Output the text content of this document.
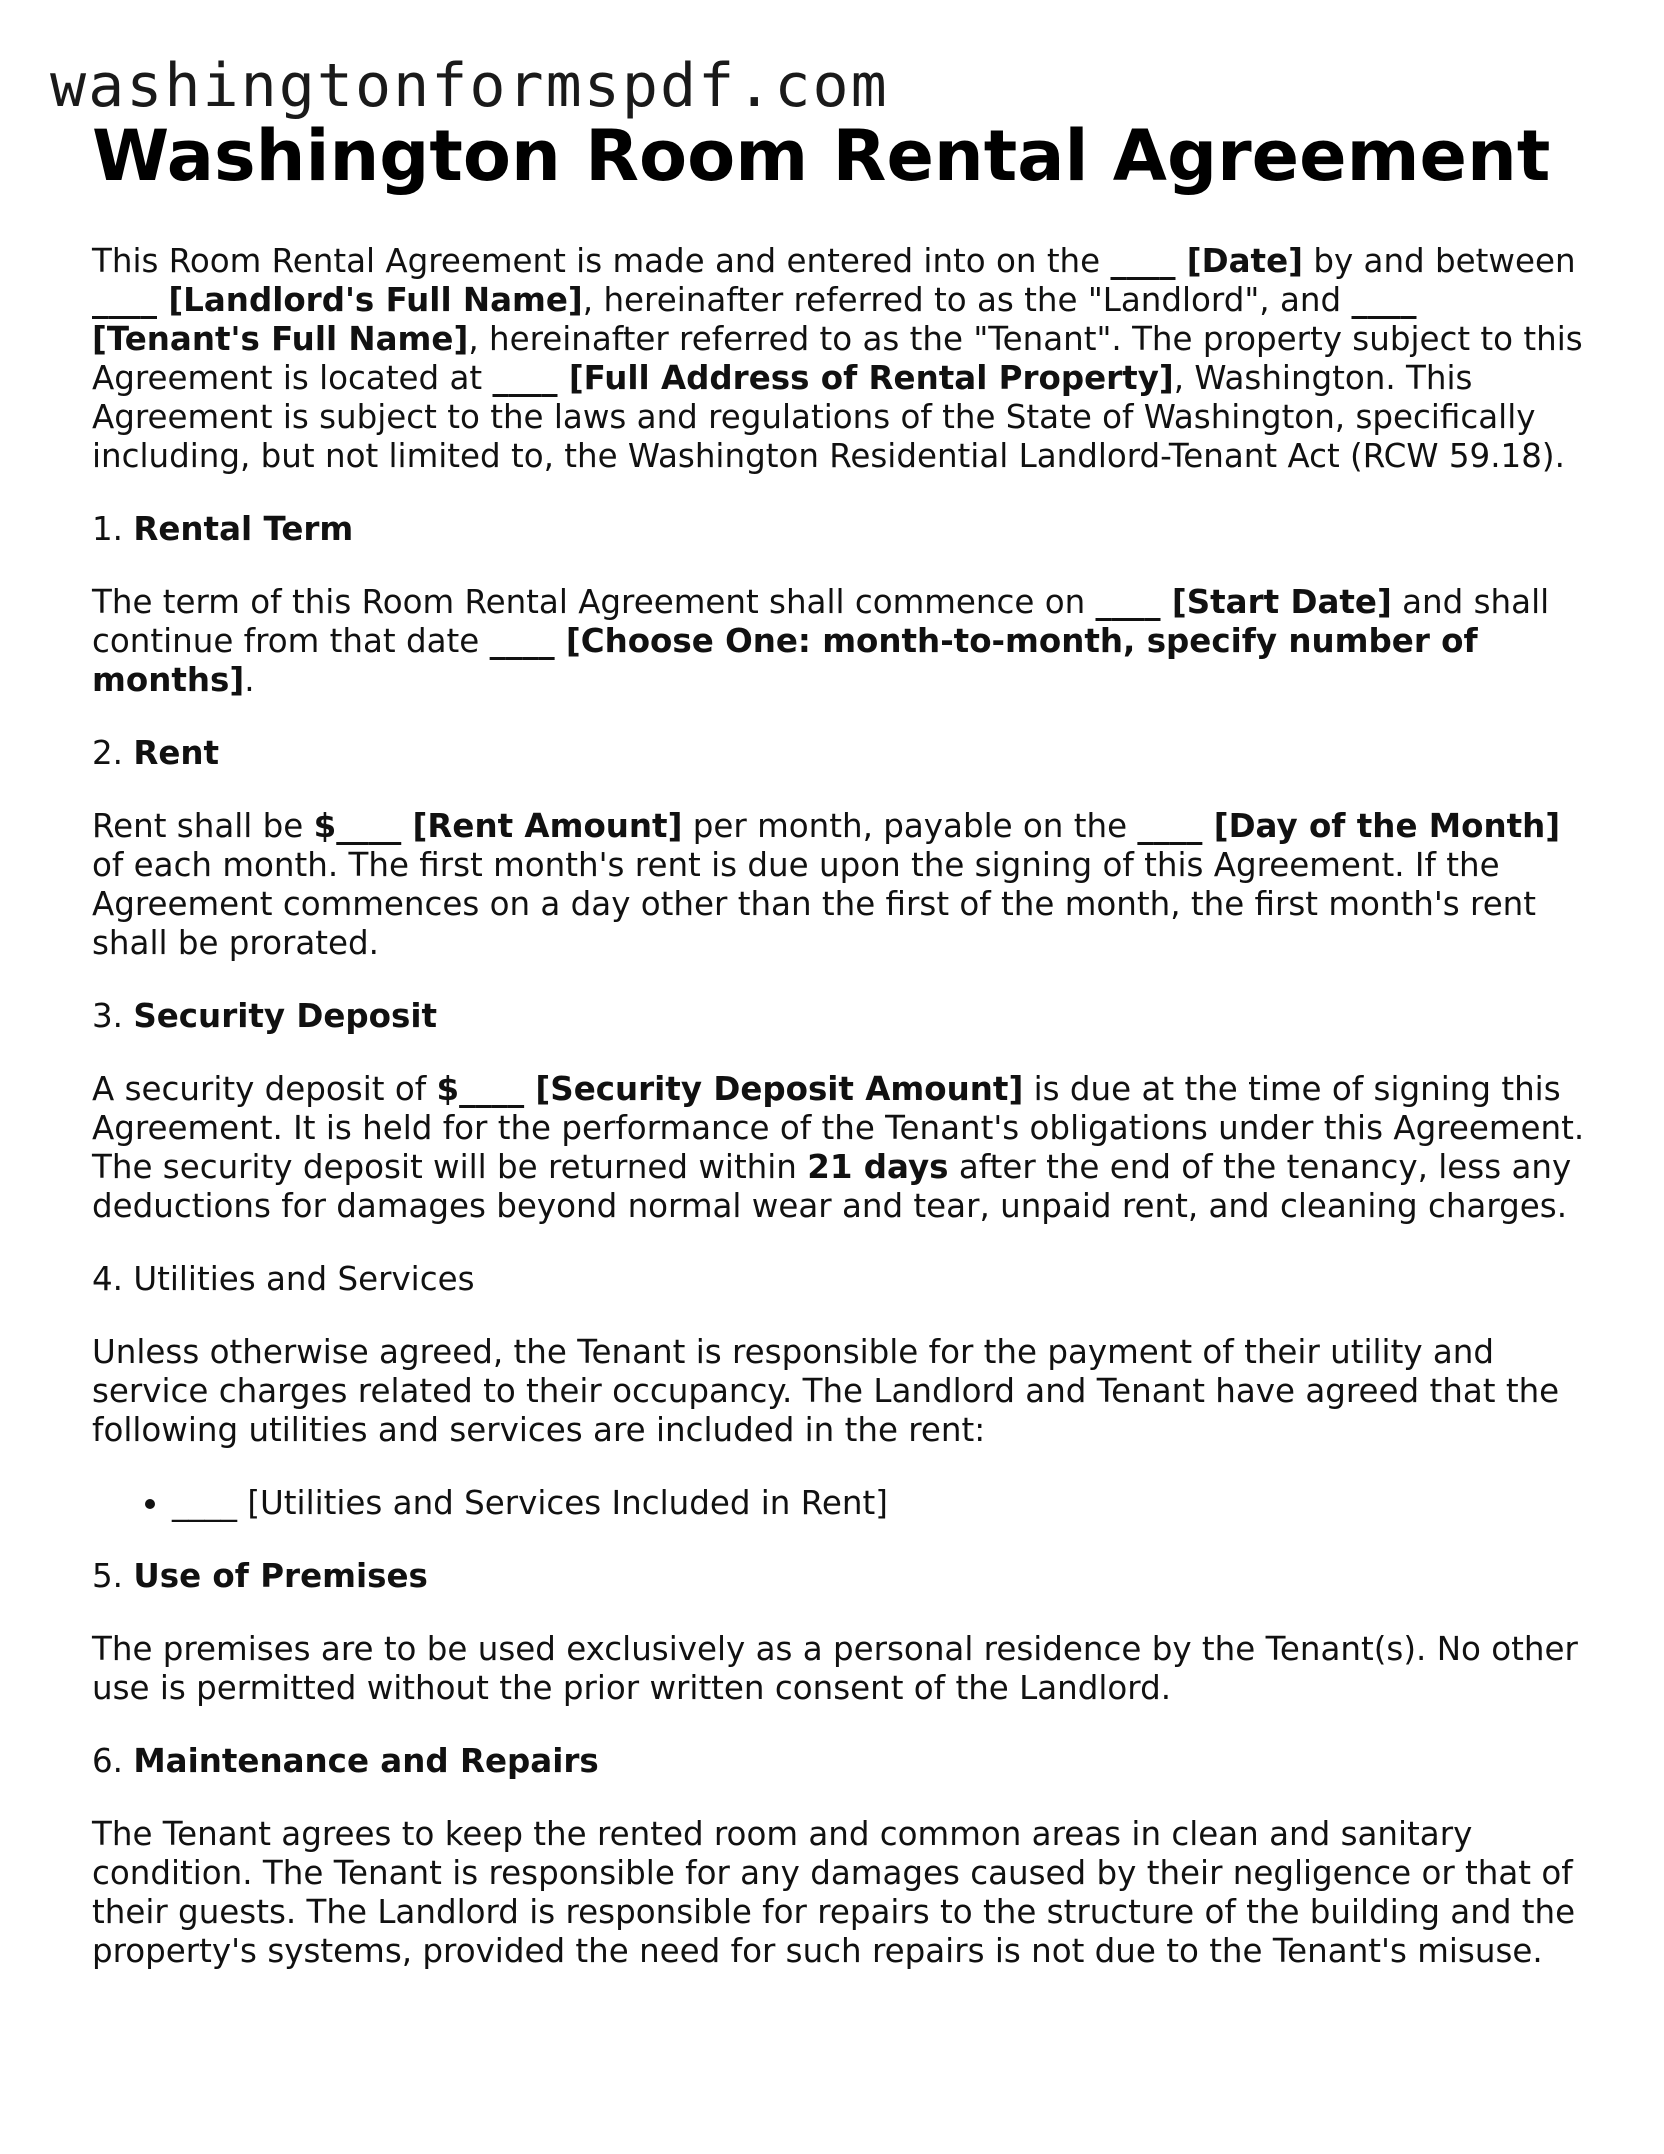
washingtonformspdf.com
Washington Room Rental Agreement

This Room Rental Agreement is made and entered into on the ____ [Date] by and between ____ [Landlord's Full Name], hereinafter referred to as the "Landlord", and ____ [Tenant's Full Name], hereinafter referred to as the "Tenant". The property subject to this Agreement is located at ____ [Full Address of Rental Property], Washington. This Agreement is subject to the laws and regulations of the State of Washington, specifically including, but not limited to, the Washington Residential Landlord-Tenant Act (RCW 59.18).

1. Rental Term

The term of this Room Rental Agreement shall commence on ____ [Start Date] and shall continue from that date ____ [Choose One: month-to-month, specify number of months].

2. Rent

Rent shall be $____ [Rent Amount] per month, payable on the ____ [Day of the Month] of each month. The first month's rent is due upon the signing of this Agreement. If the Agreement commences on a day other than the first of the month, the first month's rent shall be prorated.

3. Security Deposit

A security deposit of $____ [Security Deposit Amount] is due at the time of signing this Agreement. It is held for the performance of the Tenant's obligations under this Agreement. The security deposit will be returned within 21 days after the end of the tenancy, less any deductions for damages beyond normal wear and tear, unpaid rent, and cleaning charges.

4. Utilities and Services

Unless otherwise agreed, the Tenant is responsible for the payment of their utility and service charges related to their occupancy. The Landlord and Tenant have agreed that the following utilities and services are included in the rent:

• ____ [Utilities and Services Included in Rent]
5. Use of Premises

The premises are to be used exclusively as a personal residence by the Tenant(s). No other use is permitted without the prior written consent of the Landlord.

6. Maintenance and Repairs

The Tenant agrees to keep the rented room and common areas in clean and sanitary condition. The Tenant is responsible for any damages caused by their negligence or that of their guests. The Landlord is responsible for repairs to the structure of the building and the property's systems, provided the need for such repairs is not due to the Tenant's misuse.
